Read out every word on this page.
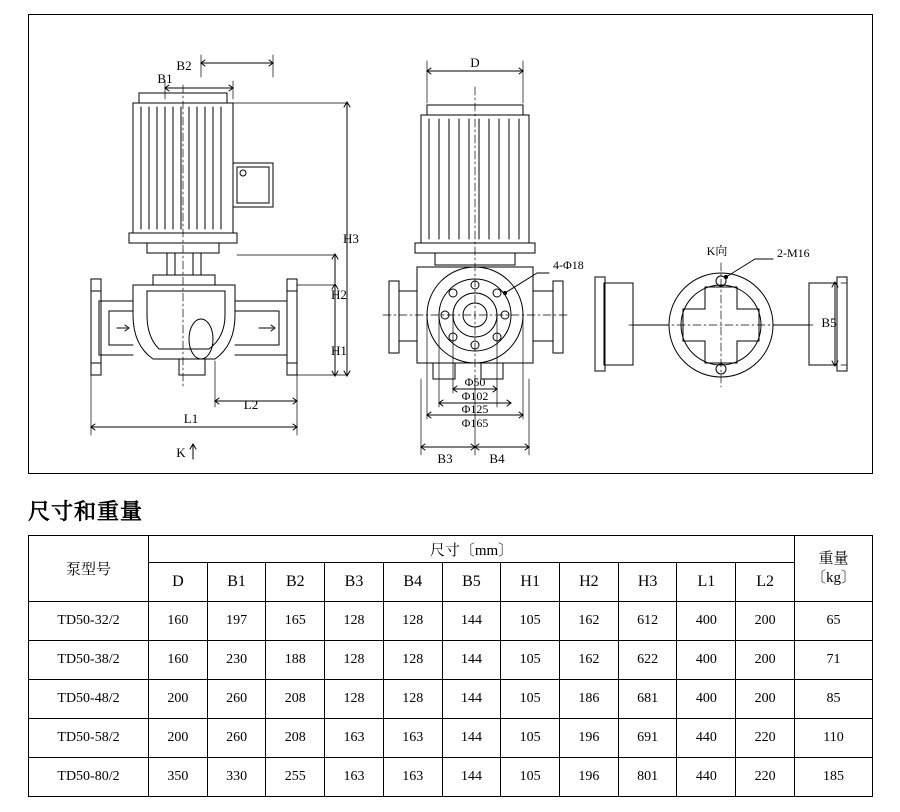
B2
B1
L2
L1
K
H1
H2
H3
D
4-Φ18
Φ50
Φ102
Φ125
Φ165
B3	B4
K向	2-M16
B5
尺寸和重量
泵型号	尺寸〔mm〕											重量
〔kg〕

	D	B1	B2	B3	B4	B5	H1	H2	H3	L1	L2	
TD50-32/2	160	197	165	128	128	144	105	162	612	400	200	65
TD50-38/2	160	230	188	128	128	144	105	162	622	400	200	71
TD50-48/2	200	260	208	128	128	144	105	186	681	400	200	85
TD50-58/2	200	260	208	163	163	144	105	196	691	440	220	110
TD50-80/2	350	330	255	163	163	144	105	196	801	440	220	185
